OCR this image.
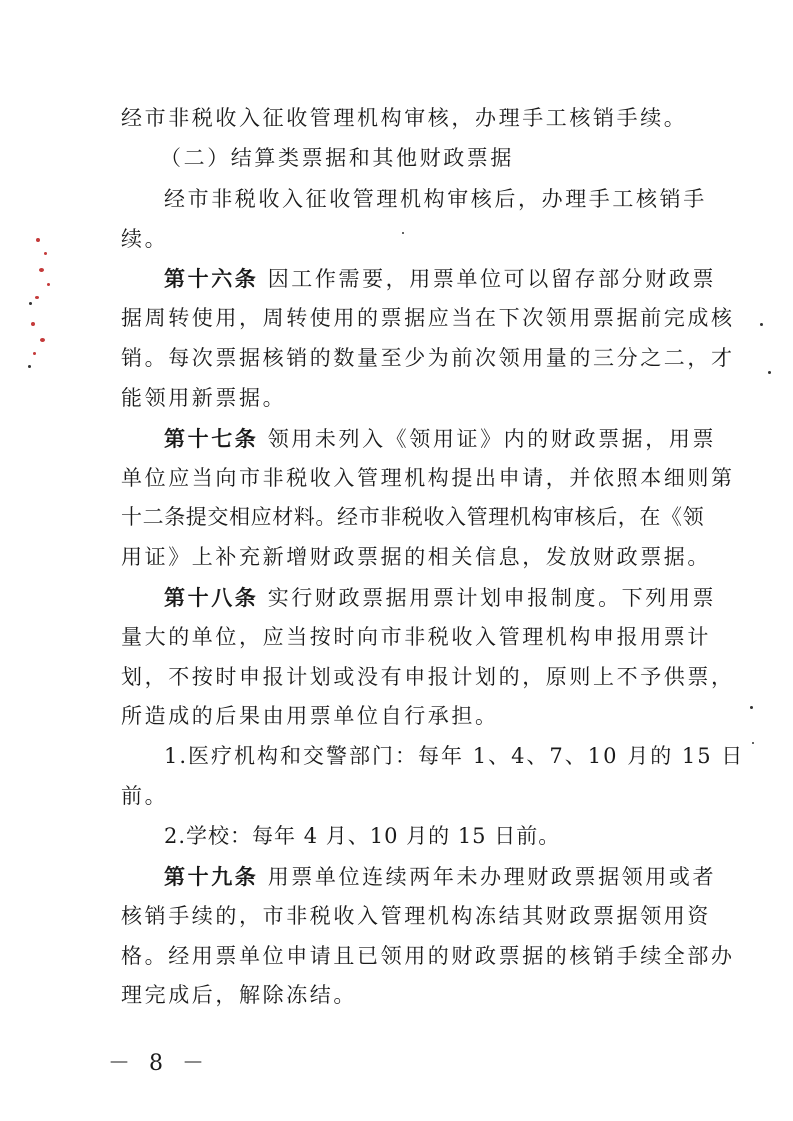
经市非税收入征收管理机构审核，办理手工核销手续。
（二）结算类票据和其他财政票据
经市非税收入征收管理机构审核后，办理手工核销手
续。
第十六条 因工作需要，用票单位可以留存部分财政票
据周转使用，周转使用的票据应当在下次领用票据前完成核
销。每次票据核销的数量至少为前次领用量的三分之二，才
能领用新票据。
第十七条 领用未列入《领用证》内的财政票据，用票
单位应当向市非税收入管理机构提出申请，并依照本细则第
十二条提交相应材料。经市非税收入管理机构审核后，在《领
用证》上补充新增财政票据的相关信息，发放财政票据。
第十八条 实行财政票据用票计划申报制度。下列用票
量大的单位，应当按时向市非税收入管理机构申报用票计
划，不按时申报计划或没有申报计划的，原则上不予供票，
所造成的后果由用票单位自行承担。
1.医疗机构和交警部门：每年 1、4、7、10 月的 15 日
前。
2.学校：每年 4 月、10 月的 15 日前。
第十九条 用票单位连续两年未办理财政票据领用或者
核销手续的，市非税收入管理机构冻结其财政票据领用资
格。经用票单位申请且已领用的财政票据的核销手续全部办
理完成后，解除冻结。
－ 8 －
